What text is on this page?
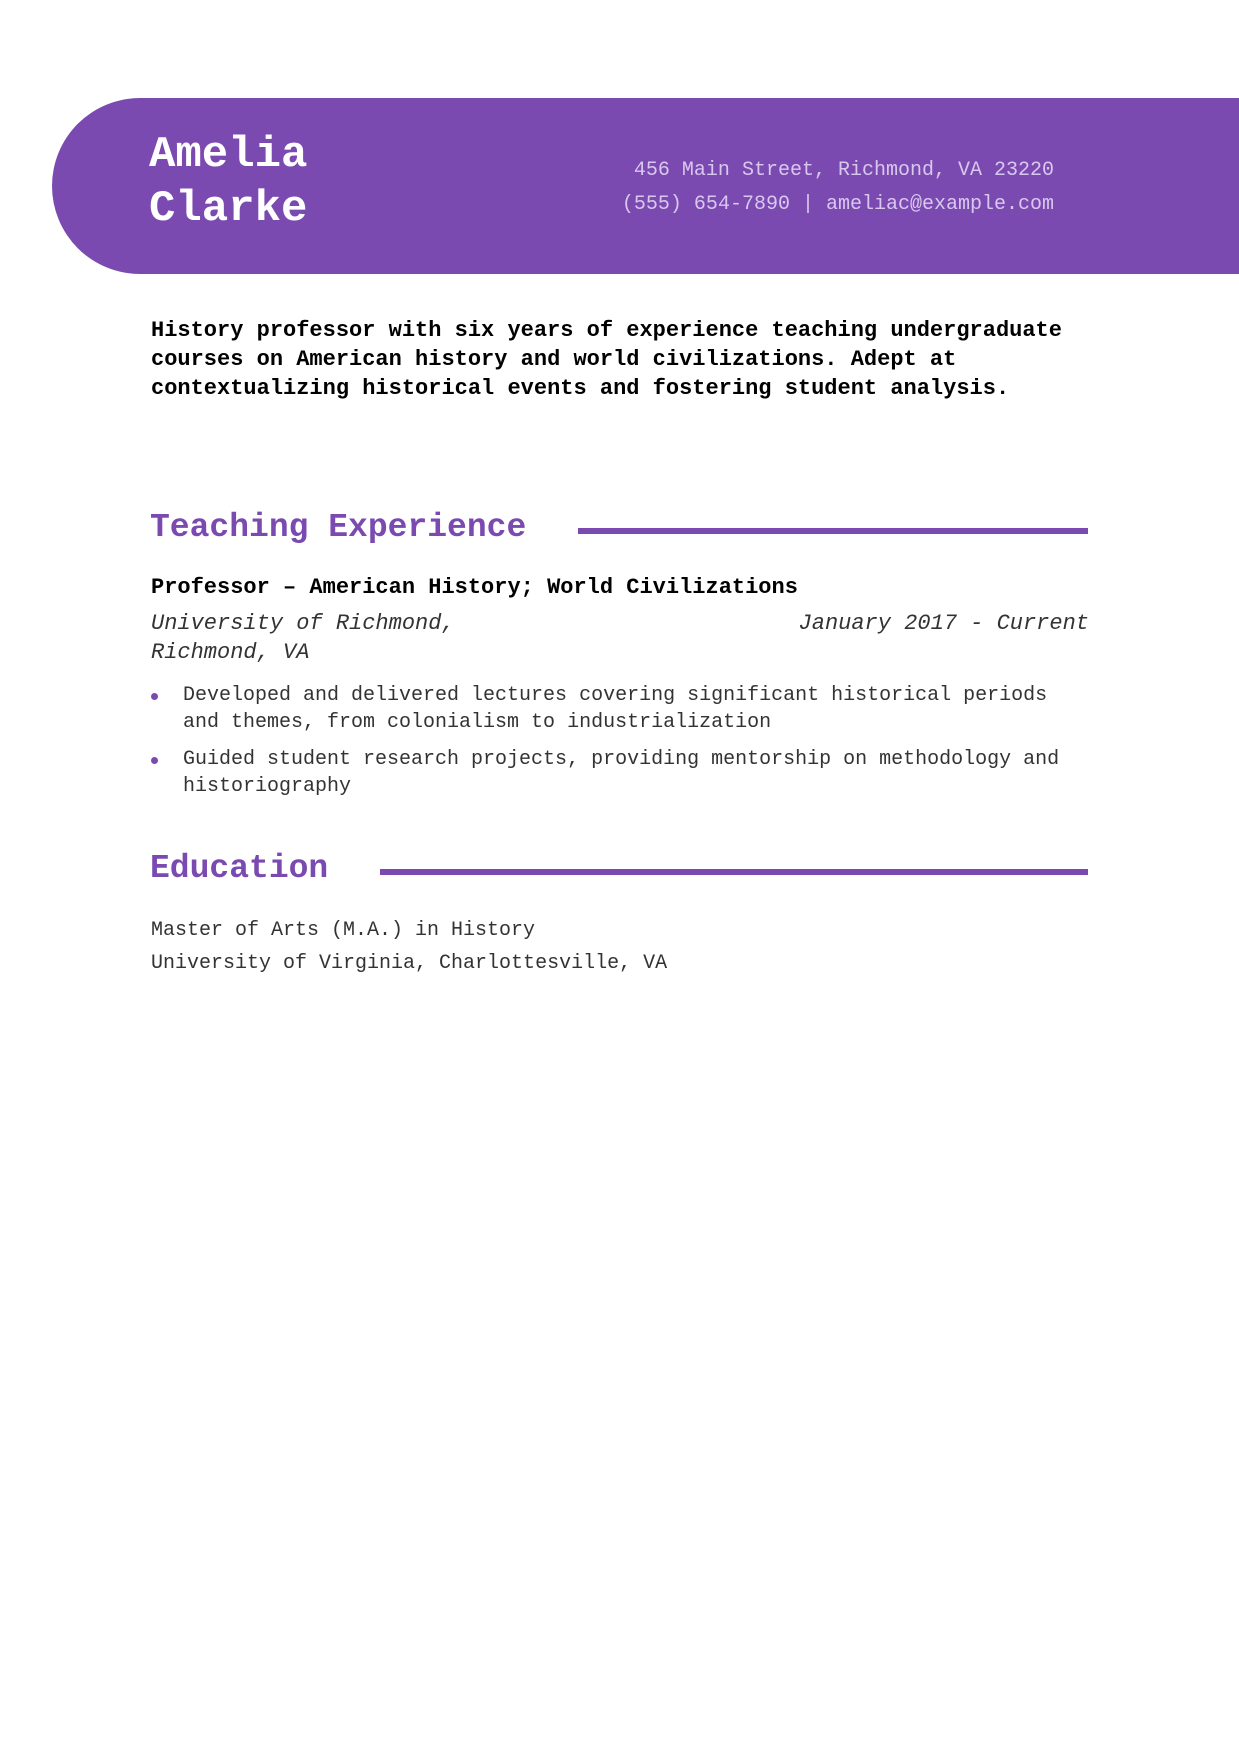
Amelia
Clarke
456 Main Street, Richmond, VA 23220
(555) 654-7890 | ameliac@example.com

History professor with six years of experience teaching undergraduate courses on American history and world civilizations. Adept at contextualizing historical events and fostering student analysis.

Teaching Experience
Professor – American History; World Civilizations
University of Richmond, Richmond, VA
January 2017 - Current
Developed and delivered lectures covering significant historical periods and themes, from colonialism to industrialization
Guided student research projects, providing mentorship on methodology and historiography
Education
Master of Arts (M.A.) in History
University of Virginia, Charlottesville, VA
